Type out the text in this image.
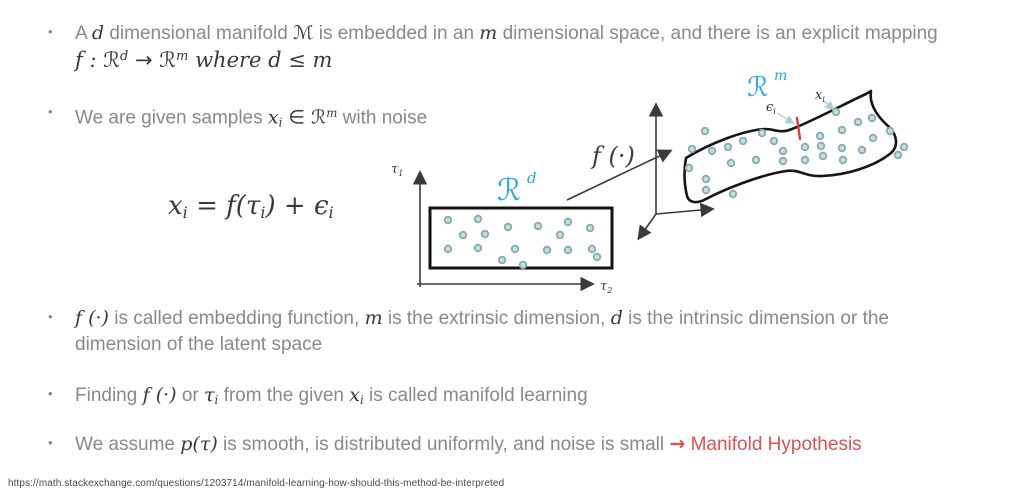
•	A d dimensional manifold ℳ is embedded in an m dimensional space, and there is an explicit mapping
f : ℛ$^d$ → ℛ$^m$ where d ≤ m
•	We are given samples xi ∈ ℛ$^m$ with noise
xi = f(τi) + ϵi
$\tau_1$
$\tau_2$
ℛ d
f (·)
ℛ m
$\epsilon_i$
$x_i$
•	f (·) is called embedding function, m is the extrinsic dimension, d is the intrinsic dimension or the
dimension of the latent space
•	Finding f (·) or τi from the given xi is called manifold learning
•	We assume p(τ) is smooth, is distributed uniformly, and noise is small → Manifold Hypothesis
https://math.stackexchange.com/questions/1203714/manifold-learning-how-should-this-method-be-interpreted
